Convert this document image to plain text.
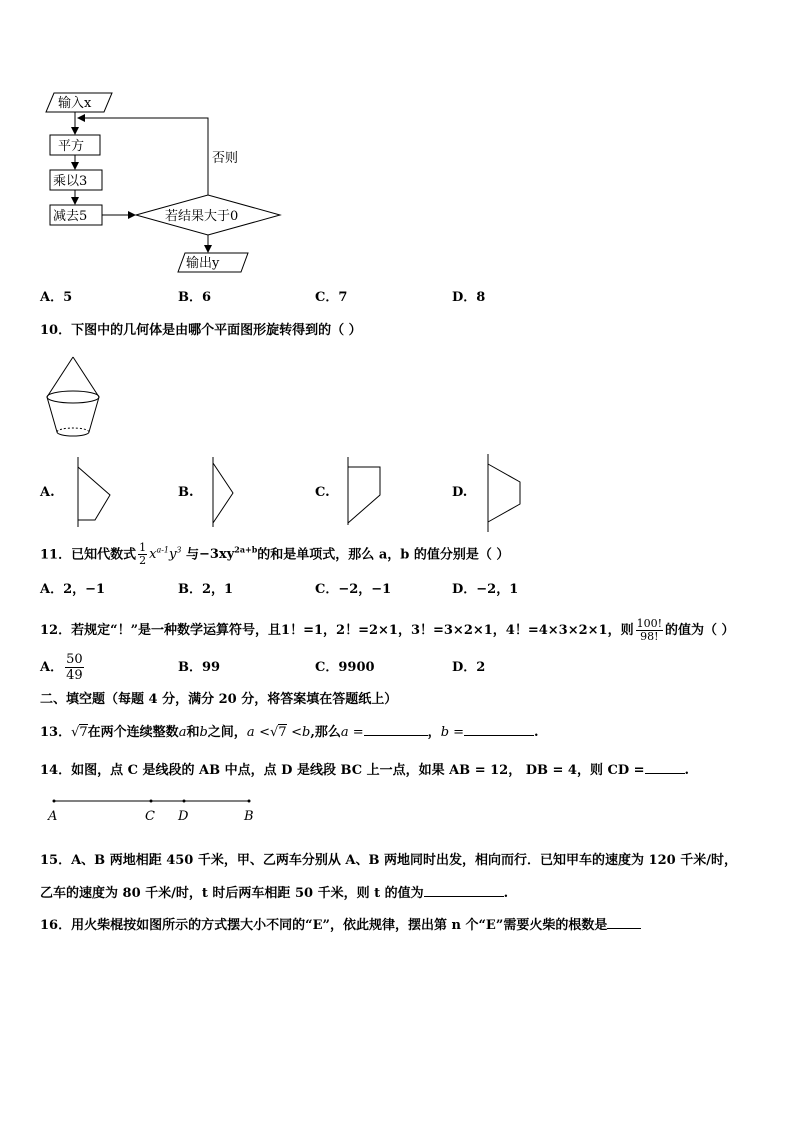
输入x
平方
乘以3
减去5	若结果大于0
否则
输出y
A．5	B．6	C．7	D．8
10．下图中的几何体是由哪个平面图形旋转得到的（ ）
A.	B.	C.	D.
11．已知代数式 $\frac{1}{2} x^{a-1}y^3$ 与$-3xy^{2a+b}$的和是单项式，那么 a，b 的值分别是（ ）
A．2，−1	B．2，1	C．−2，−1	D．−2，1
12．若规定“！”是一种数学运算符号，且1！=1，2！=2×1，3！=3×2×1，4！=4×3×2×1，则 $\frac{100!}{98!}$ 的值为（ ）
A． $\frac{50}{49}$	B．99	C．9900	D．2
二、填空题（每题 4 分，满分 20 分，将答案填在答题纸上）
13．√7在两个连续整数a和b之间，a <√7 <b,那么a =	，b =	.
14．如图，点 C 是线段的 AB 中点，点 D 是线段 BC 上一点，如果 AB = 12， DB = 4，则 CD =	.
A	C D	B
15．A、B 两地相距 450 千米，甲、乙两车分别从 A、B 两地同时出发，相向而行．已知甲车的速度为 120 千米/时，
乙车的速度为 80 千米/时，t 时后两车相距 50 千米，则 t 的值为	.
16．用火柴棍按如图所示的方式摆大小不同的“E”，依此规律，摆出第 n 个“E”需要火柴的根数是
